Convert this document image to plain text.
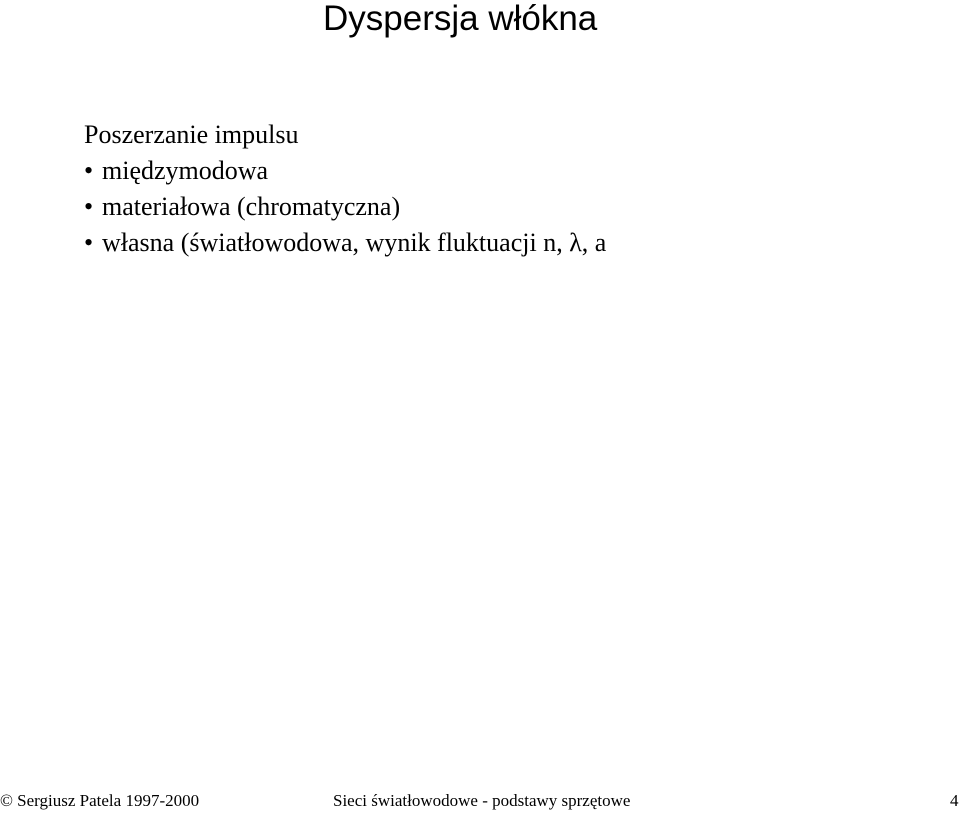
Dyspersja włókna
Poszerzanie impulsu
• międzymodowa
• materiałowa (chromatyczna)
• własna (światłowodowa, wynik fluktuacji n, λ, a
© Sergiusz Patela 1997-2000	Sieci światłowodowe - podstawy sprzętowe	4
